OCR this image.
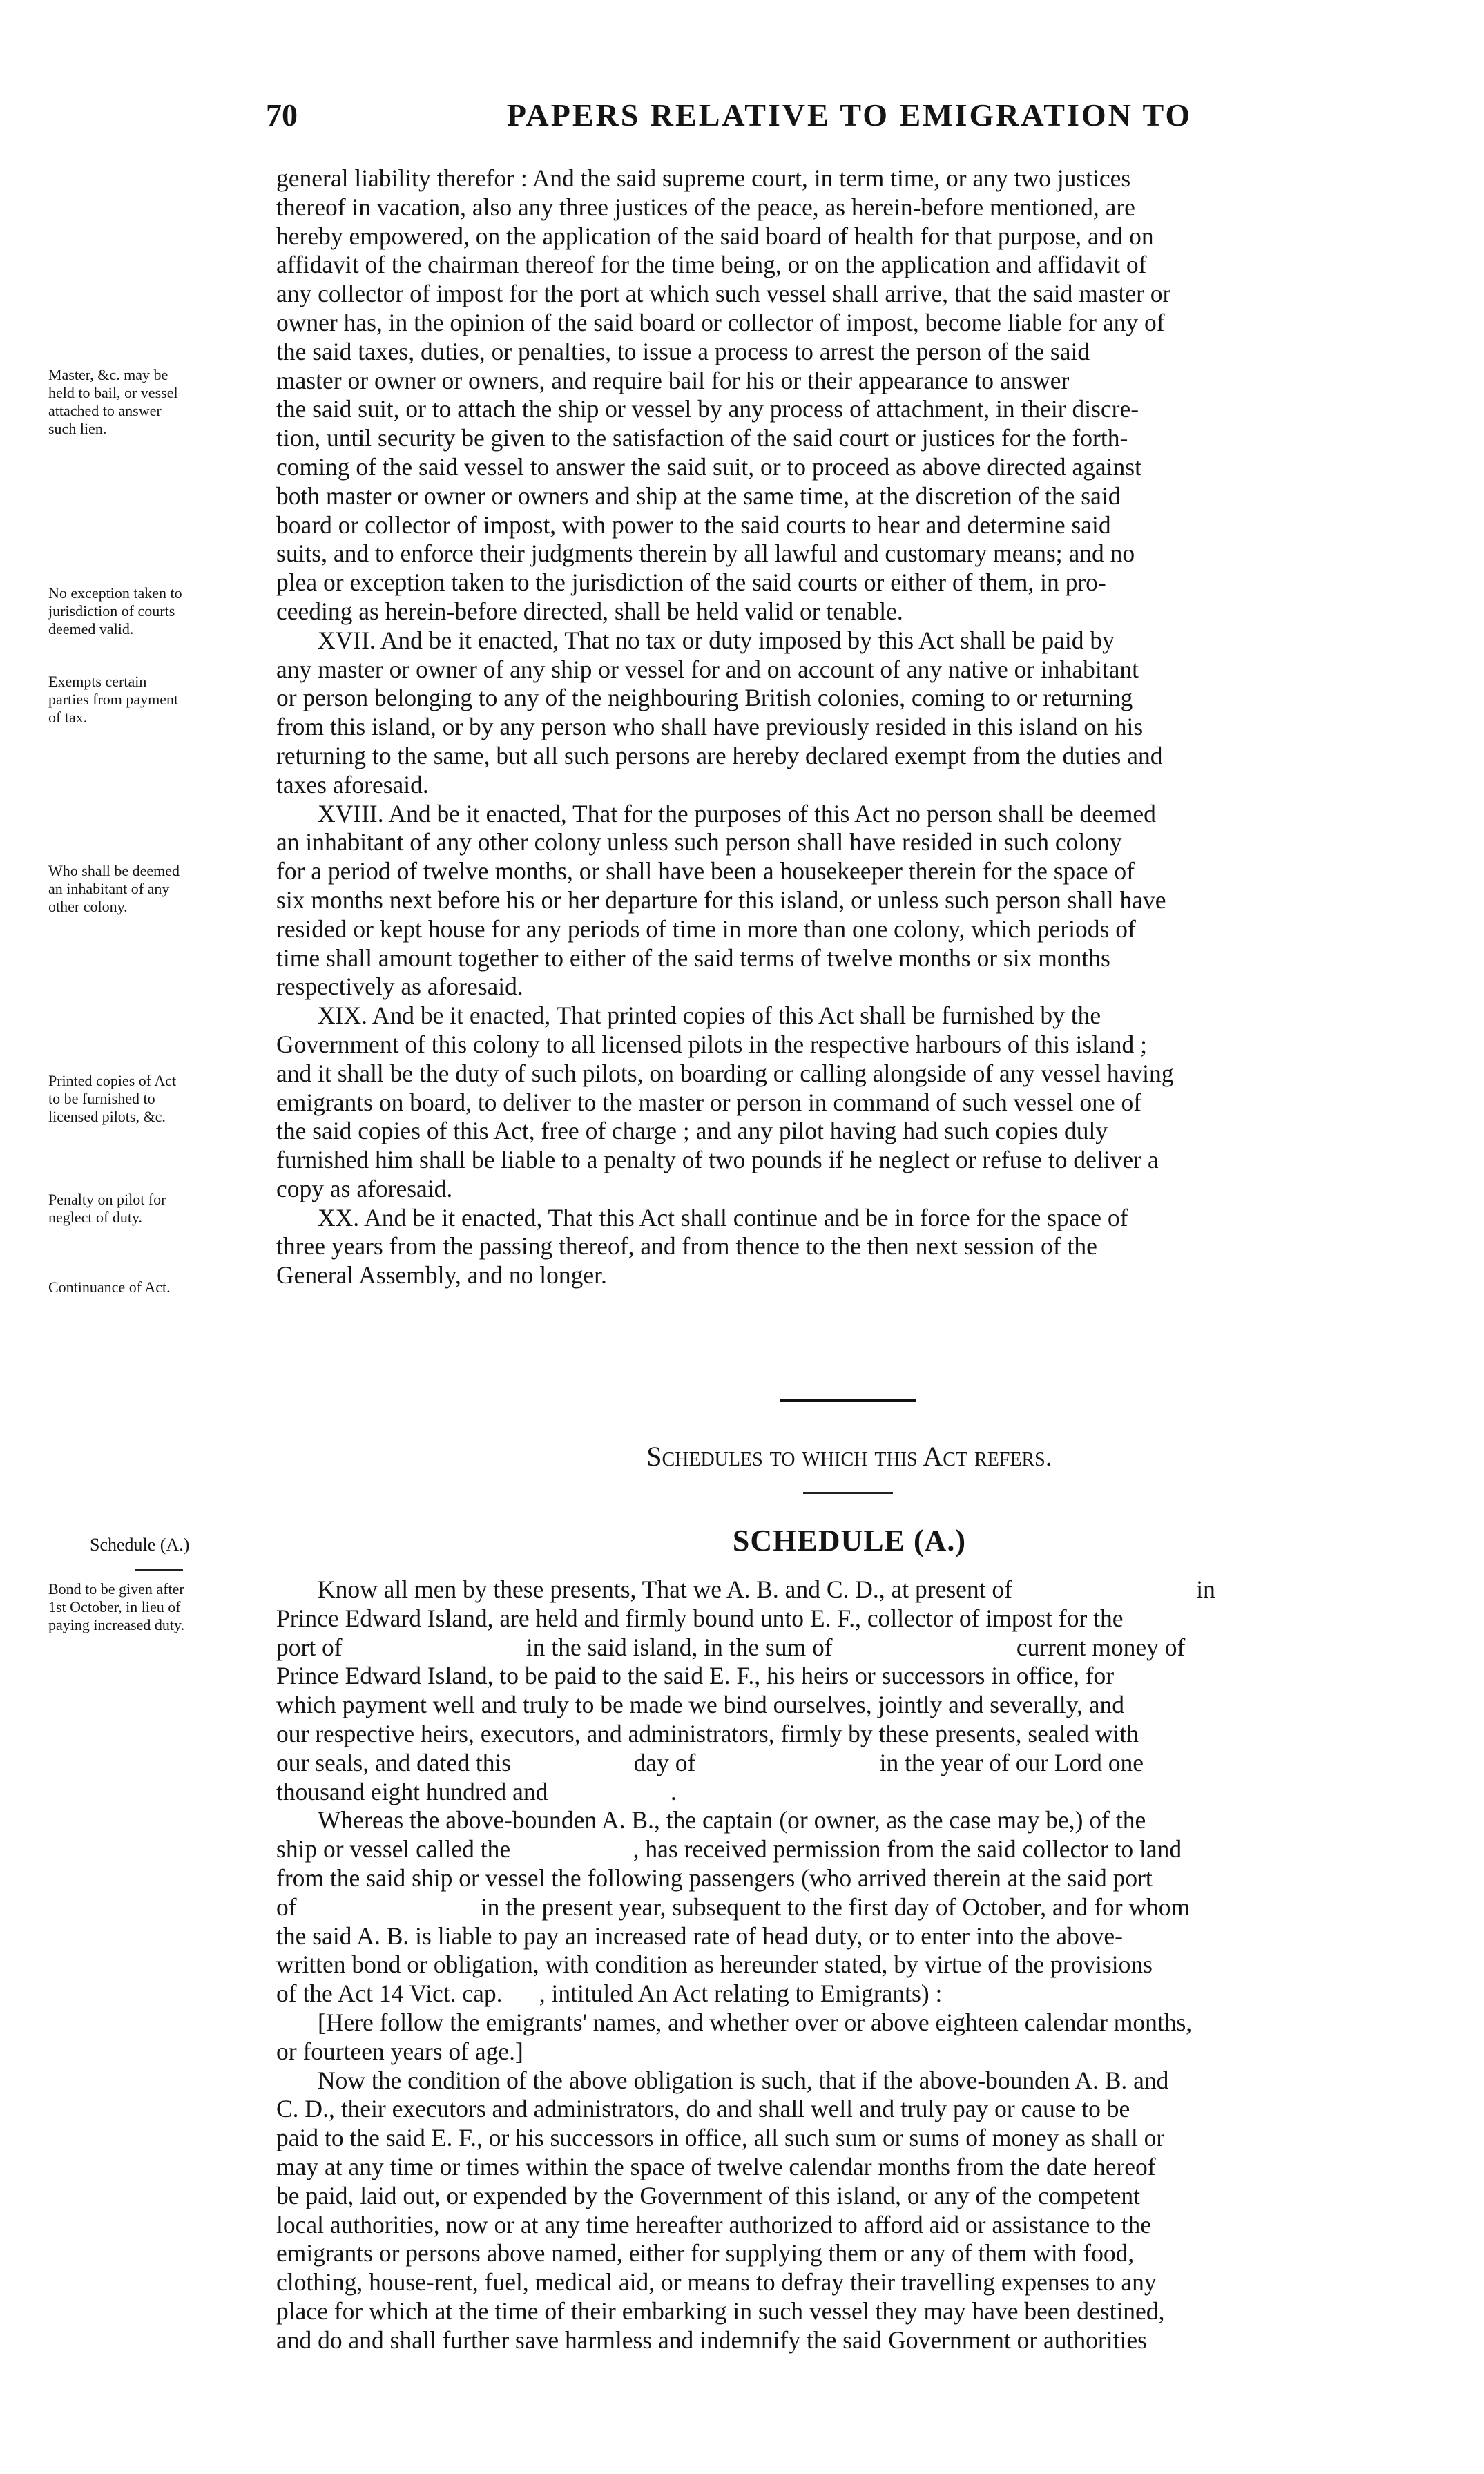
70	PAPERS RELATIVE TO EMIGRATION TO
general liability therefor : And the said supreme court, in term time, or any two justices
thereof in vacation, also any three justices of the peace, as herein-before mentioned, are
hereby empowered, on the application of the said board of health for that purpose, and on
affidavit of the chairman thereof for the time being, or on the application and affidavit of
any collector of impost for the port at which such vessel shall arrive, that the said master or
owner has, in the opinion of the said board or collector of impost, become liable for any of
the said taxes, duties, or penalties, to issue a process to arrest the person of the said
master or owner or owners, and require bail for his or their appearance to answer
the said suit, or to attach the ship or vessel by any process of attachment, in their discre-
tion, until security be given to the satisfaction of the said court or justices for the forth-
coming of the said vessel to answer the said suit, or to proceed as above directed against
both master or owner or owners and ship at the same time, at the discretion of the said
board or collector of impost, with power to the said courts to hear and determine said
suits, and to enforce their judgments therein by all lawful and customary means; and no
plea or exception taken to the jurisdiction of the said courts or either of them, in pro-
ceeding as herein-before directed, shall be held valid or tenable.
XVII. And be it enacted, That no tax or duty imposed by this Act shall be paid by
any master or owner of any ship or vessel for and on account of any native or inhabitant
or person belonging to any of the neighbouring British colonies, coming to or returning
from this island, or by any person who shall have previously resided in this island on his
returning to the same, but all such persons are hereby declared exempt from the duties and
taxes aforesaid.
XVIII. And be it enacted, That for the purposes of this Act no person shall be deemed
an inhabitant of any other colony unless such person shall have resided in such colony
for a period of twelve months, or shall have been a housekeeper therein for the space of
six months next before his or her departure for this island, or unless such person shall have
resided or kept house for any periods of time in more than one colony, which periods of
time shall amount together to either of the said terms of twelve months or six months
respectively as aforesaid.
XIX. And be it enacted, That printed copies of this Act shall be furnished by the
Government of this colony to all licensed pilots in the respective harbours of this island ;
and it shall be the duty of such pilots, on boarding or calling alongside of any vessel having
emigrants on board, to deliver to the master or person in command of such vessel one of
the said copies of this Act, free of charge ; and any pilot having had such copies duly
furnished him shall be liable to a penalty of two pounds if he neglect or refuse to deliver a
copy as aforesaid.
XX. And be it enacted, That this Act shall continue and be in force for the space of
three years from the passing thereof, and from thence to the then next session of the
General Assembly, and no longer.
Master, &c. may be
held to bail, or vessel
attached to answer
such lien.
No exception taken to
jurisdiction of courts
deemed valid.
Exempts certain
parties from payment
of tax.
Who shall be deemed
an inhabitant of any
other colony.
Printed copies of Act
to be furnished to
licensed pilots, &c.
Penalty on pilot for
neglect of duty.
Continuance of Act.
Schedules to which this Act refers.
Schedule (A.)	SCHEDULE (A.)
Bond to be given after
1st October, in lieu of
paying increased duty.
Know all men by these presents, That we A. B. and C. D., at present of                              in
Prince Edward Island, are held and firmly bound unto E. F., collector of impost for the
port of                              in the said island, in the sum of                              current money of
Prince Edward Island, to be paid to the said E. F., his heirs or successors in office, for
which payment well and truly to be made we bind ourselves, jointly and severally, and
our respective heirs, executors, and administrators, firmly by these presents, sealed with
our seals, and dated this                    day of                              in the year of our Lord one
thousand eight hundred and                    .
Whereas the above-bounden A. B., the captain (or owner, as the case may be,) of the
ship or vessel called the                    , has received permission from the said collector to land
from the said ship or vessel the following passengers (who arrived therein at the said port
of                              in the present year, subsequent to the first day of October, and for whom
the said A. B. is liable to pay an increased rate of head duty, or to enter into the above-
written bond or obligation, with condition as hereunder stated, by virtue of the provisions
of the Act 14 Vict. cap.      , intituled An Act relating to Emigrants) :
[Here follow the emigrants' names, and whether over or above eighteen calendar months,
or fourteen years of age.]
Now the condition of the above obligation is such, that if the above-bounden A. B. and
C. D., their executors and administrators, do and shall well and truly pay or cause to be
paid to the said E. F., or his successors in office, all such sum or sums of money as shall or
may at any time or times within the space of twelve calendar months from the date hereof
be paid, laid out, or expended by the Government of this island, or any of the competent
local authorities, now or at any time hereafter authorized to afford aid or assistance to the
emigrants or persons above named, either for supplying them or any of them with food,
clothing, house-rent, fuel, medical aid, or means to defray their travelling expenses to any
place for which at the time of their embarking in such vessel they may have been destined,
and do and shall further save harmless and indemnify the said Government or authorities
